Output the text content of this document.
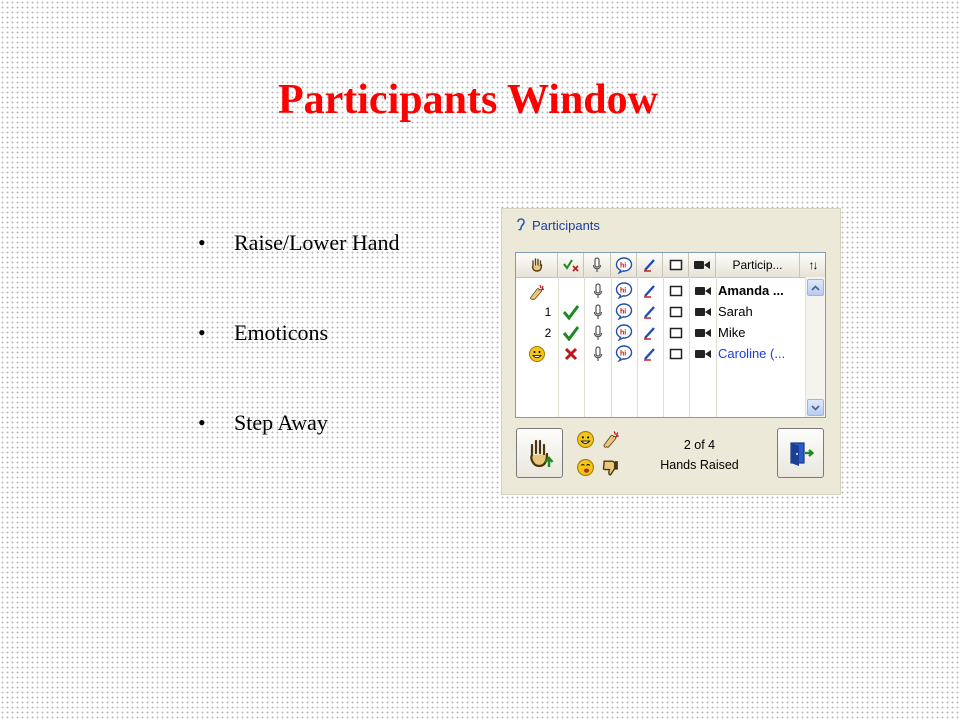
Participants Window
• Raise/Lower Hand
• Emoticons
• Step Away
Participants
hi	Particip...	↑↓
hi	Amanda ...
1	hi	Sarah
2	hi	Mike
hi	Caroline (...
2 of 4
Hands Raised
